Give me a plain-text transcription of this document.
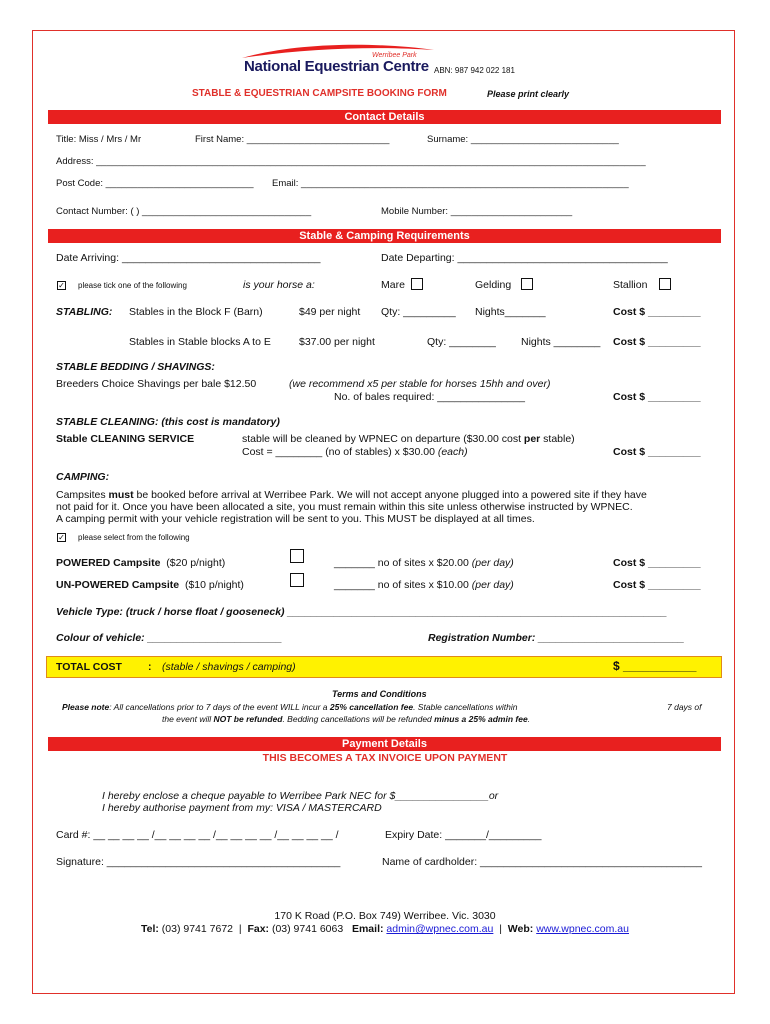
Werribee Park
National Equestrian Centre ABN: 987 942 022 181
STABLE & EQUESTRIAN CAMPSITE BOOKING FORM	Please print clearly
Contact Details
Title: Miss / Mrs / Mr	First Name: ___________________________	Surname: ____________________________
Address: ________________________________________________________________________________________________________
Post Code: ____________________________ Email: ______________________________________________________________
Contact Number: ( ) ________________________________	Mobile Number: _______________________
Stable & Camping Requirements
Date Arriving: __________________________________	Date Departing: ____________________________________
✓ please tick one of the following	is your horse a:	Mare	Gelding	Stallion
STABLING: Stables in the Block F (Barn)	$49 per night Qty: _________ Nights_______	Cost $ _________
Stables in Stable blocks A to E	$37.00 per night	Qty: ________ Nights ________ Cost $ _________
STABLE BEDDING / SHAVINGS:
Breeders Choice Shavings per bale $12.50	(we recommend x5 per stable for horses 15hh and over)
No. of bales required: _______________	Cost $ _________
STABLE CLEANING: (this cost is mandatory)
Stable CLEANING SERVICE	stable will be cleaned by WPNEC on departure ($30.00 cost per stable)
Cost = ________ (no of stables) x $30.00 (each)	Cost $ _________
CAMPING:
Campsites must be booked before arrival at Werribee Park. We will not accept anyone plugged into a powered site if they have
not paid for it. Once you have been allocated a site, you must remain within this site unless otherwise instructed by WPNEC.
A camping permit with your vehicle registration will be sent to you. This MUST be displayed at all times.
✓ please select from the following
POWERED Campsite ($20 p/night)	_______ no of sites x $20.00 (per day)	Cost $ _________
UN-POWERED Campsite ($10 p/night)	_______ no of sites x $10.00 (per day)	Cost $ _________
Vehicle Type: (truck / horse float / gooseneck) _________________________________________________________________
Colour of vehicle: _______________________	Registration Number: _________________________
TOTAL COST : (stable / shavings / camping)	$ ___________
Terms and Conditions
Please note: All cancellations prior to 7 days of the event WILL incur a 25% cancellation fee. Stable cancellations within	7 days of
the event will NOT be refunded. Bedding cancellations will be refunded minus a 25% admin fee.
Payment Details
THIS BECOMES A TAX INVOICE UPON PAYMENT
I hereby enclose a cheque payable to Werribee Park NEC for $________________or
I hereby authorise payment from my: VISA / MASTERCARD
Card #: __ __ __ __ /__ __ __ __ /__ __ __ __ /__ __ __ __ /	Expiry Date: _______/_________
Signature: ________________________________________	Name of cardholder: ______________________________________
170 K Road (P.O. Box 749) Werribee. Vic. 3030
Tel: (03) 9741 7672 | Fax: (03) 9741 6063 Email: admin@wpnec.com.au | Web: www.wpnec.com.au
